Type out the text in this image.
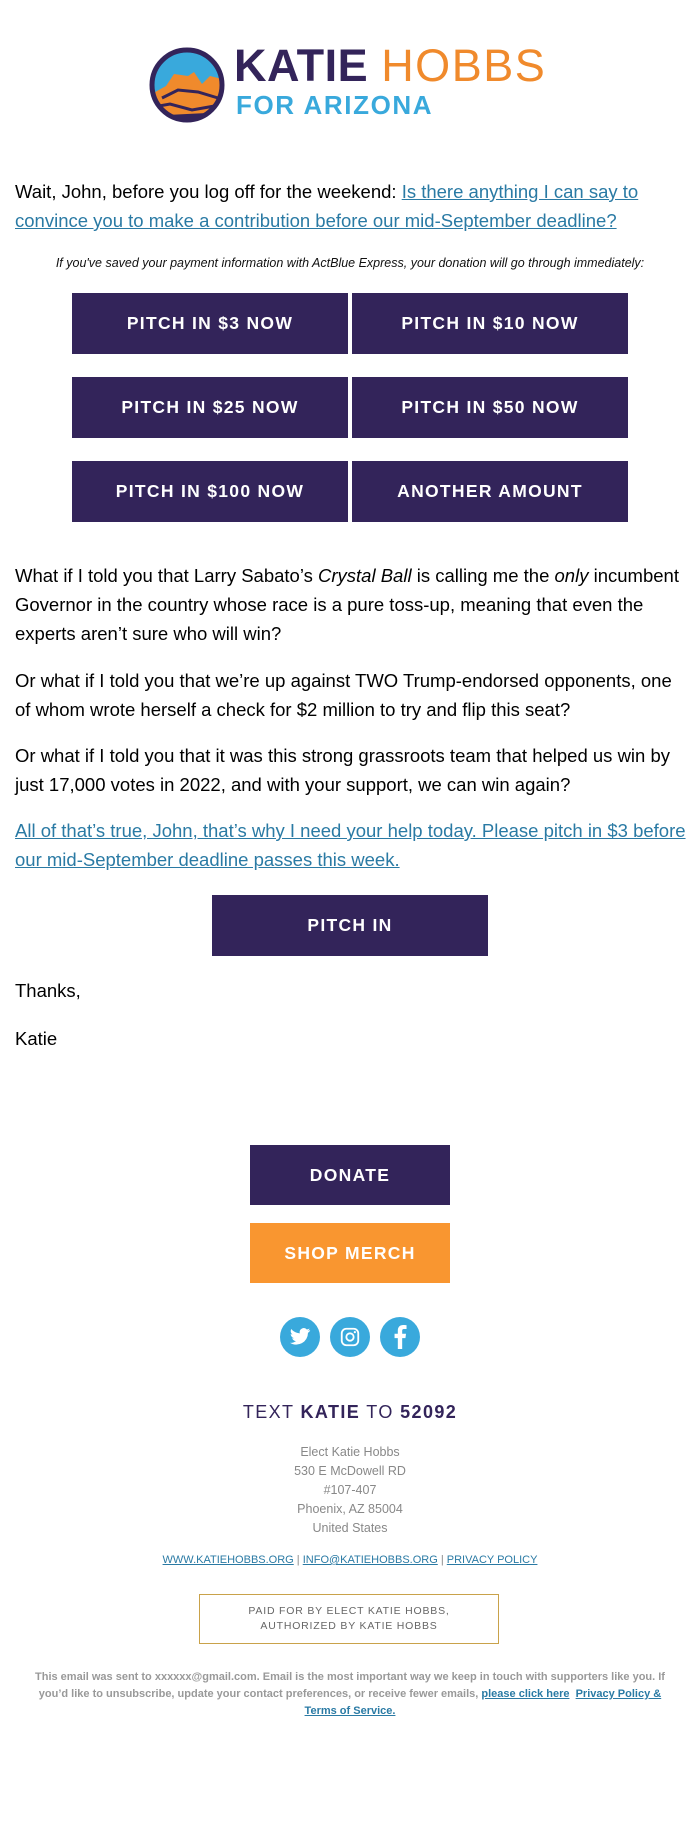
KATIE HOBBS
FOR ARIZONA
Wait, John, before you log off for the weekend: Is there anything I can say to convince you to make a contribution before our mid-September deadline?
If you've saved your payment information with ActBlue Express, your donation will go through immediately:
PITCH IN $3 NOW	PITCH IN $10 NOW
PITCH IN $25 NOW	PITCH IN $50 NOW
PITCH IN $100 NOW	ANOTHER AMOUNT
What if I told you that Larry Sabato’s Crystal Ball is calling me the only incumbent Governor in the country whose race is a pure toss-up, meaning that even the experts aren’t sure who will win?
Or what if I told you that we’re up against TWO Trump-endorsed opponents, one of whom wrote herself a check for $2 million to try and flip this seat?
Or what if I told you that it was this strong grassroots team that helped us win by just 17,000 votes in 2022, and with your support, we can win again?
All of that’s true, John, that’s why I need your help today. Please pitch in $3 before our mid-September deadline passes this week.
PITCH IN
Thanks,
Katie
DONATE
SHOP MERCH
TEXT KATIE TO 52092
Elect Katie Hobbs
530 E McDowell RD
#107-407
Phoenix, AZ 85004
United States
WWW.KATIEHOBBS.ORG | INFO@KATIEHOBBS.ORG | PRIVACY POLICY
PAID FOR BY ELECT KATIE HOBBS,
AUTHORIZED BY KATIE HOBBS
This email was sent to xxxxxx@gmail.com. Email is the most important way we keep in touch with supporters like you. If you’d like to unsubscribe, update your contact preferences, or receive fewer emails, please click here Privacy Policy & Terms of Service.
